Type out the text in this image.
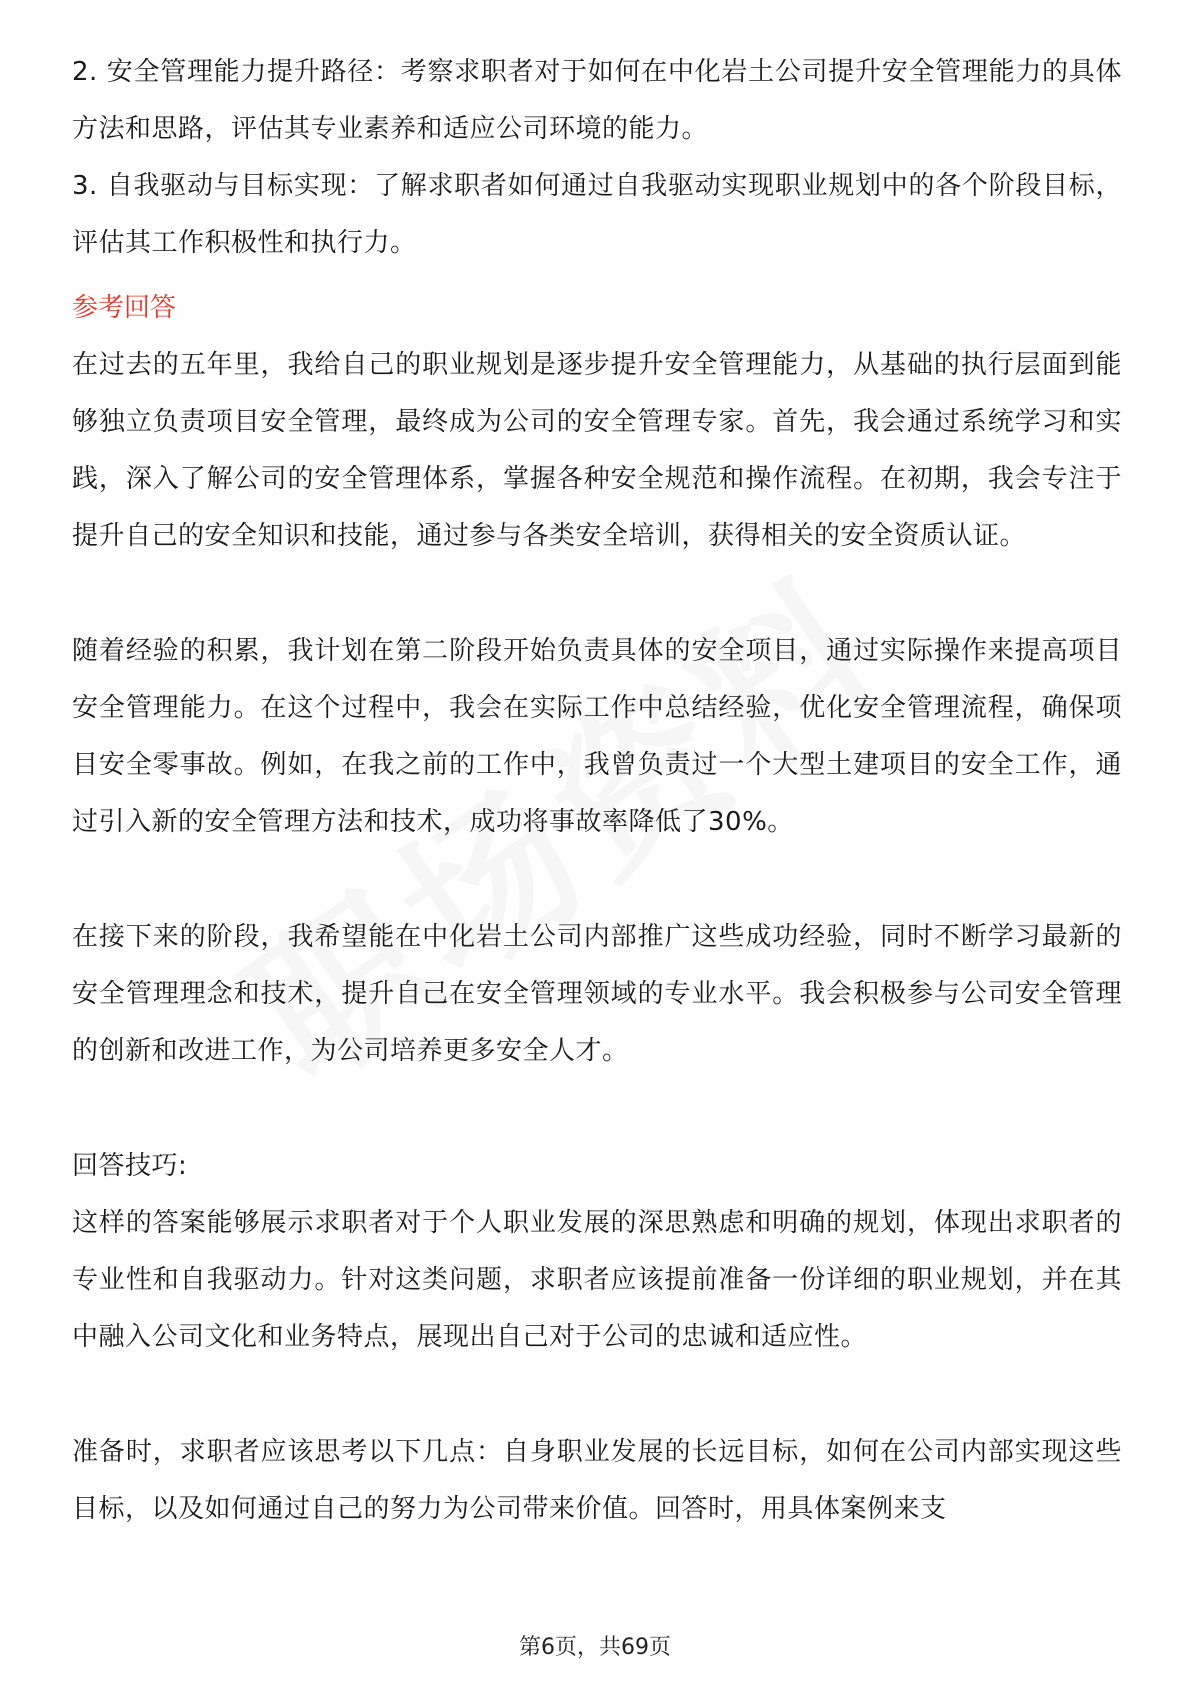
2. 安全管理能力提升路径：考察求职者对于如何在中化岩土公司提升安全管理能力的具体方法和思路，评估其专业素养和适应公司环境的能力。

3. 自我驱动与目标实现：了解求职者如何通过自我驱动实现职业规划中的各个阶段目标，评估其工作积极性和执行力。

参考回答

在过去的五年里，我给自己的职业规划是逐步提升安全管理能力，从基础的执行层面到能够独立负责项目安全管理，最终成为公司的安全管理专家。首先，我会通过系统学习和实践，深入了解公司的安全管理体系，掌握各种安全规范和操作流程。在初期，我会专注于提升自己的安全知识和技能，通过参与各类安全培训，获得相关的安全资质认证。

随着经验的积累，我计划在第二阶段开始负责具体的安全项目，通过实际操作来提高项目安全管理能力。在这个过程中，我会在实际工作中总结经验，优化安全管理流程，确保项目安全零事故。例如，在我之前的工作中，我曾负责过一个大型土建项目的安全工作，通过引入新的安全管理方法和技术，成功将事故率降低了30%。

在接下来的阶段，我希望能在中化岩土公司内部推广这些成功经验，同时不断学习最新的安全管理理念和技术，提升自己在安全管理领域的专业水平。我会积极参与公司安全管理的创新和改进工作，为公司培养更多安全人才。

回答技巧:

这样的答案能够展示求职者对于个人职业发展的深思熟虑和明确的规划，体现出求职者的专业性和自我驱动力。针对这类问题，求职者应该提前准备一份详细的职业规划，并在其中融入公司文化和业务特点，展现出自己对于公司的忠诚和适应性。

准备时，求职者应该思考以下几点：自身职业发展的长远目标，如何在公司内部实现这些目标，以及如何通过自己的努力为公司带来价值。回答时，用具体案例来支

第6页，共69页
